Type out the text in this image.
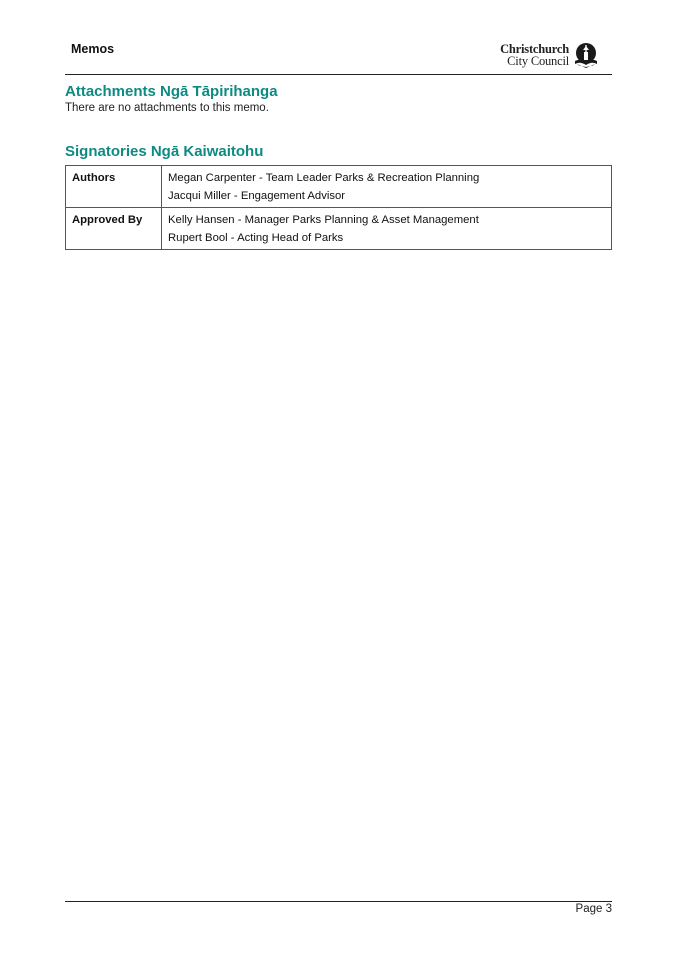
Memos	Christchurch
City Council
Attachments Ngā Tāpirihanga

There are no attachments to this memo.

Signatories Ngā Kaiwaitohu
Authors	Megan Carpenter - Team Leader Parks & Recreation Planning
Jacqui Miller - Engagement Advisor

Approved By	Kelly Hansen - Manager Parks Planning & Asset Management
Rupert Bool - Acting Head of Parks
Page 3
